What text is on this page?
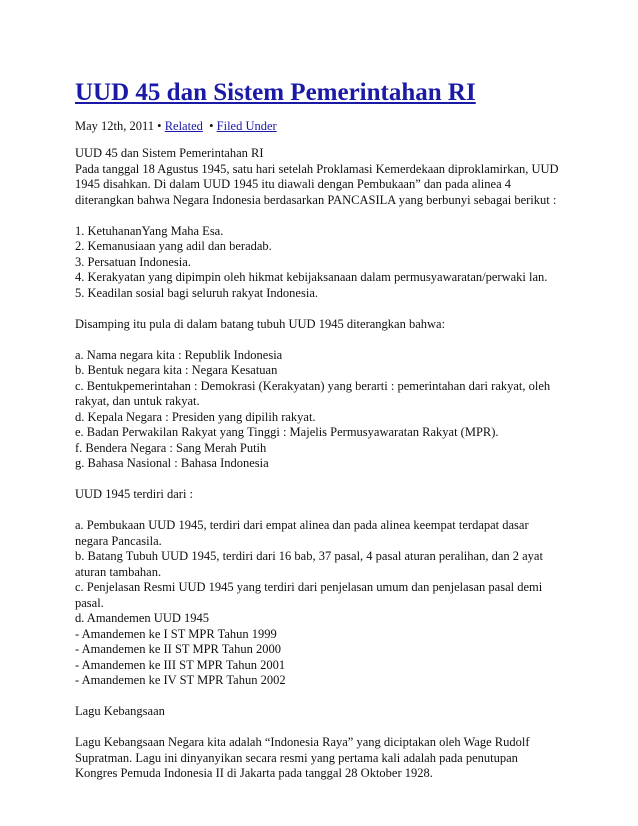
UUD 45 dan Sistem Pemerintahan RI
May 12th, 2011 • Related • Filed Under
UUD 45 dan Sistem Pemerintahan RI
Pada tanggal 18 Agustus 1945, satu hari setelah Proklamasi Kemerdekaan diproklamirkan, UUD
1945 disahkan. Di dalam UUD 1945 itu diawali dengan Pembukaan” dan pada alinea 4
diterangkan bahwa Negara Indonesia berdasarkan PANCASILA yang berbunyi sebagai berikut :
1. KetuhananYang Maha Esa.
2. Kemanusiaan yang adil dan beradab.
3. Persatuan Indonesia.
4. Kerakyatan yang dipimpin oleh hikmat kebijaksanaan dalam permusyawaratan/perwaki lan.
5. Keadilan sosial bagi seluruh rakyat Indonesia.
Disamping itu pula di dalam batang tubuh UUD 1945 diterangkan bahwa:
a. Nama negara kita : Republik Indonesia
b. Bentuk negara kita : Negara Kesatuan
c. Bentukpemerintahan : Demokrasi (Kerakyatan) yang berarti : pemerintahan dari rakyat, oleh
rakyat, dan untuk rakyat.
d. Kepala Negara : Presiden yang dipilih rakyat.
e. Badan Perwakilan Rakyat yang Tinggi : Majelis Permusyawaratan Rakyat (MPR).
f. Bendera Negara : Sang Merah Putih
g. Bahasa Nasional : Bahasa Indonesia
UUD 1945 terdiri dari :
a. Pembukaan UUD 1945, terdiri dari empat alinea dan pada alinea keempat terdapat dasar
negara Pancasila.
b. Batang Tubuh UUD 1945, terdiri dari 16 bab, 37 pasal, 4 pasal aturan peralihan, dan 2 ayat
aturan tambahan.
c. Penjelasan Resmi UUD 1945 yang terdiri dari penjelasan umum dan penjelasan pasal demi
pasal.
d. Amandemen UUD 1945
- Amandemen ke I ST MPR Tahun 1999
- Amandemen ke II ST MPR Tahun 2000
- Amandemen ke III ST MPR Tahun 2001
- Amandemen ke IV ST MPR Tahun 2002
Lagu Kebangsaan
Lagu Kebangsaan Negara kita adalah “Indonesia Raya” yang diciptakan oleh Wage Rudolf
Supratman. Lagu ini dinyanyikan secara resmi yang pertama kali adalah pada penutupan
Kongres Pemuda Indonesia II di Jakarta pada tanggal 28 Oktober 1928.
